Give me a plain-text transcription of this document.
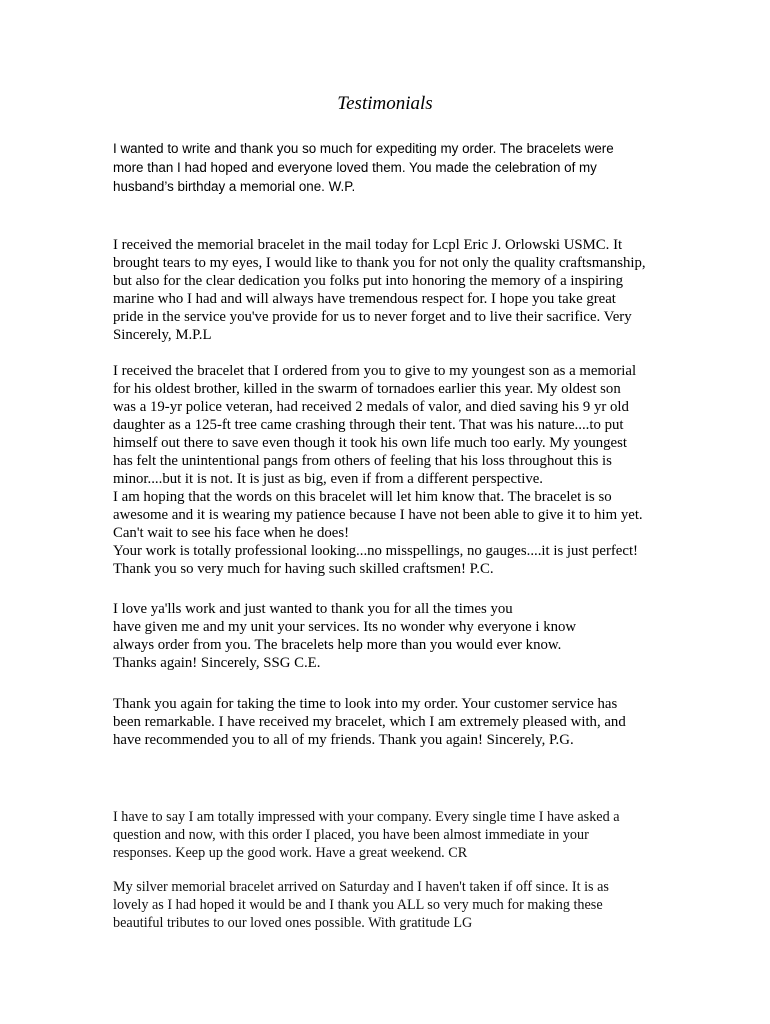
Testimonials
I wanted to write and thank you so much for expediting my order. The bracelets were
more than I had hoped and everyone loved them. You made the celebration of my
husband’s birthday a memorial one. W.P.
I received the memorial bracelet in the mail today for Lcpl Eric J. Orlowski USMC. It
brought tears to my eyes, I would like to thank you for not only the quality craftsmanship,
but also for the clear dedication you folks put into honoring the memory of a inspiring
marine who I had and will always have tremendous respect for. I hope you take great
pride in the service you've provide for us to never forget and to live their sacrifice. Very
Sincerely, M.P.L
I received the bracelet that I ordered from you to give to my youngest son as a memorial
for his oldest brother, killed in the swarm of tornadoes earlier this year. My oldest son
was a 19-yr police veteran, had received 2 medals of valor, and died saving his 9 yr old
daughter as a 125-ft tree came crashing through their tent. That was his nature....to put
himself out there to save even though it took his own life much too early. My youngest
has felt the unintentional pangs from others of feeling that his loss throughout this is
minor....but it is not. It is just as big, even if from a different perspective.
I am hoping that the words on this bracelet will let him know that. The bracelet is so
awesome and it is wearing my patience because I have not been able to give it to him yet.
Can't wait to see his face when he does!
Your work is totally professional looking...no misspellings, no gauges....it is just perfect!
Thank you so very much for having such skilled craftsmen! P.C.
I love ya'lls work and just wanted to thank you for all the times you
have given me and my unit your services. Its no wonder why everyone i know
always order from you. The bracelets help more than you would ever know.
Thanks again! Sincerely, SSG C.E.
Thank you again for taking the time to look into my order. Your customer service has
been remarkable. I have received my bracelet, which I am extremely pleased with, and
have recommended you to all of my friends. Thank you again! Sincerely, P.G.
I have to say I am totally impressed with your company. Every single time I have asked a
question and now, with this order I placed, you have been almost immediate in your
responses. Keep up the good work. Have a great weekend. CR
My silver memorial bracelet arrived on Saturday and I haven't taken if off since. It is as
lovely as I had hoped it would be and I thank you ALL so very much for making these
beautiful tributes to our loved ones possible. With gratitude LG
